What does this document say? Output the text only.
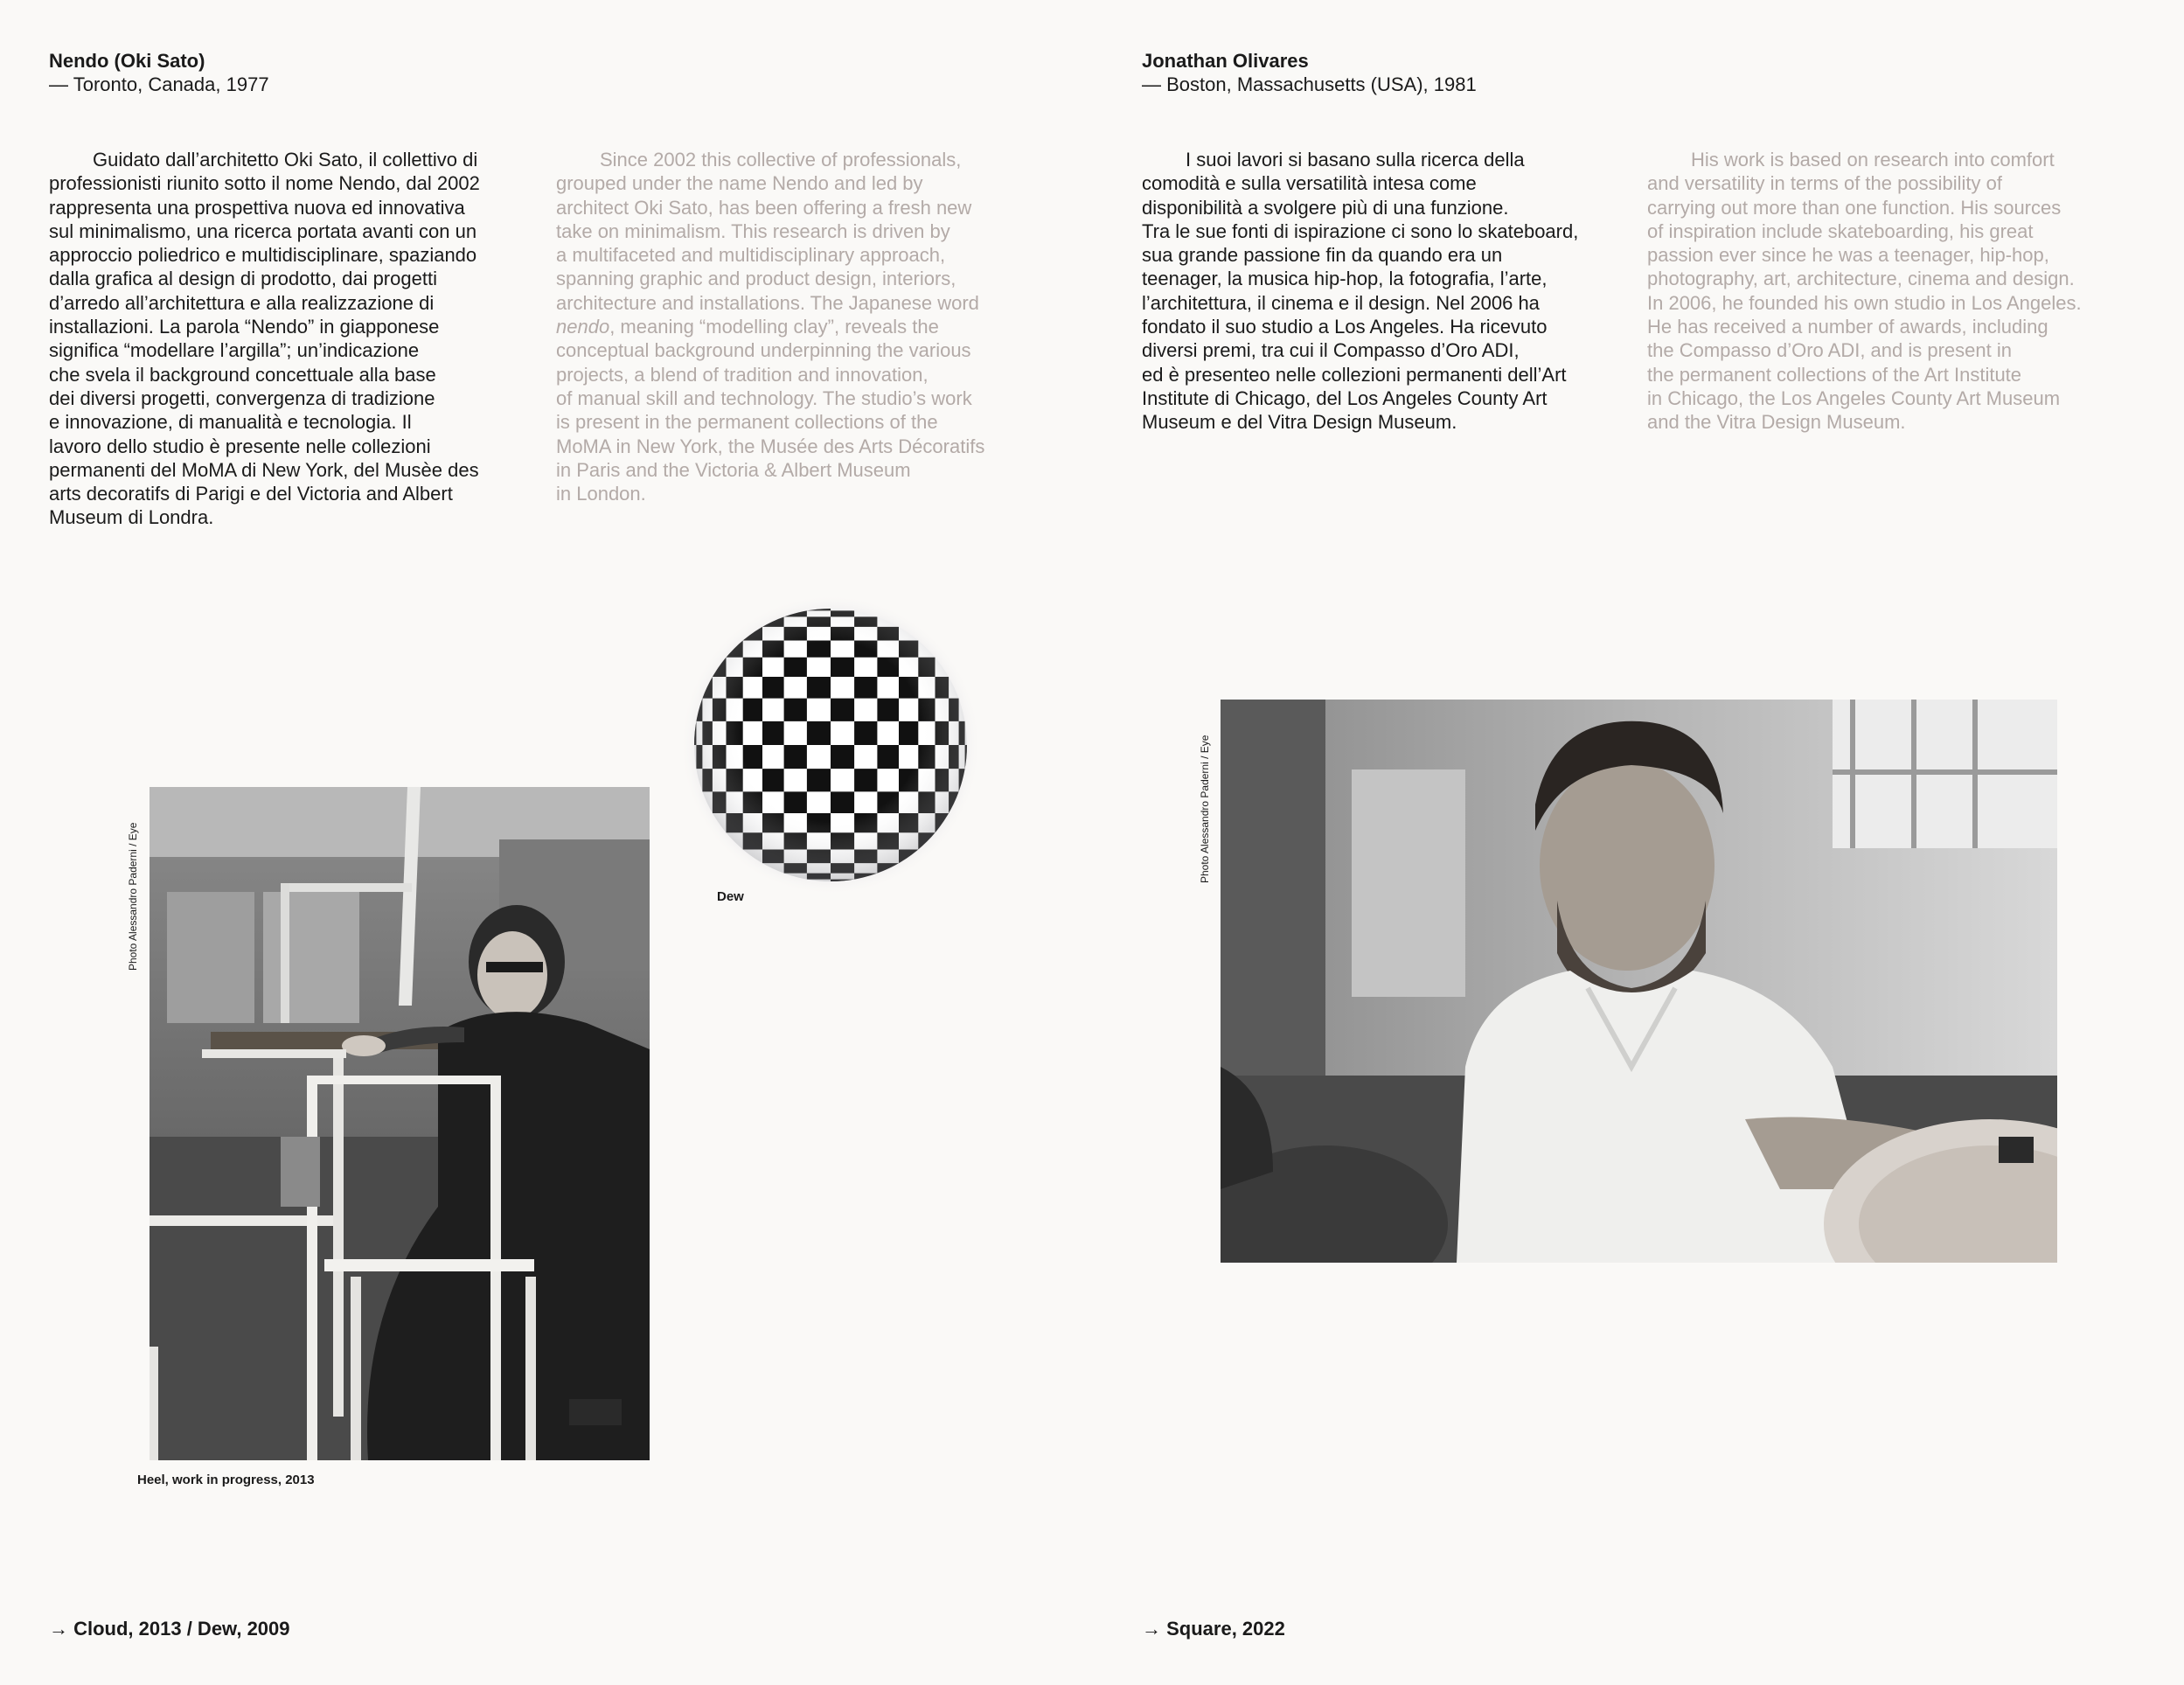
Nendo (Oki Sato)
— Toronto, Canada, 1977
Guidato dall’architetto Oki Sato, il collettivo di
professionisti riunito sotto il nome Nendo, dal 2002
rappresenta una prospettiva nuova ed innovativa
sul minimalismo, una ricerca portata avanti con un
approccio poliedrico e multidisciplinare, spaziando
dalla grafica al design di prodotto, dai progetti
d’arredo all’architettura e alla realizzazione di
installazioni. La parola “Nendo” in giapponese
significa “modellare l’argilla”; un’indicazione
che svela il background concettuale alla base
dei diversi progetti, convergenza di tradizione
e innovazione, di manualità e tecnologia. Il
lavoro dello studio è presente nelle collezioni
permanenti del MoMA di New York, del Musèe des
arts decoratifs di Parigi e del Victoria and Albert
Museum di Londra.
Since 2002 this collective of professionals,
grouped under the name Nendo and led by
architect Oki Sato, has been offering a fresh new
take on minimalism. This research is driven by
a multifaceted and multidisciplinary approach,
spanning graphic and product design, interiors,
architecture and installations. The Japanese word
nendo, meaning “modelling clay”, reveals the
conceptual background underpinning the various
projects, a blend of tradition and innovation,
of manual skill and technology. The studio’s work
is present in the permanent collections of the
MoMA in New York, the Musée des Arts Décoratifs
in Paris and the Victoria & Albert Museum
in London.
Dew
Photo Alessandro Paderni / Eye
Heel, work in progress, 2013
→ Cloud, 2013 / Dew, 2009
Jonathan Olivares
— Boston, Massachusetts (USA), 1981
I suoi lavori si basano sulla ricerca della
comodità e sulla versatilità intesa come
disponibilità a svolgere più di una funzione.
Tra le sue fonti di ispirazione ci sono lo skateboard,
sua grande passione fin da quando era un
teenager, la musica hip-hop, la fotografia, l’arte,
l’architettura, il cinema e il design. Nel 2006 ha
fondato il suo studio a Los Angeles. Ha ricevuto
diversi premi, tra cui il Compasso d’Oro ADI,
ed è presenteo nelle collezioni permanenti dell’Art
Institute di Chicago, del Los Angeles County Art
Museum e del Vitra Design Museum.
His work is based on research into comfort
and versatility in terms of the possibility of
carrying out more than one function. His sources
of inspiration include skateboarding, his great
passion ever since he was a teenager, hip-hop,
photography, art, architecture, cinema and design.
In 2006, he founded his own studio in Los Angeles.
He has received a number of awards, including
the Compasso d’Oro ADI, and is present in
the permanent collections of the Art Institute
in Chicago, the Los Angeles County Art Museum
and the Vitra Design Museum.
Photo Alessandro Paderni / Eye
→ Square, 2022
